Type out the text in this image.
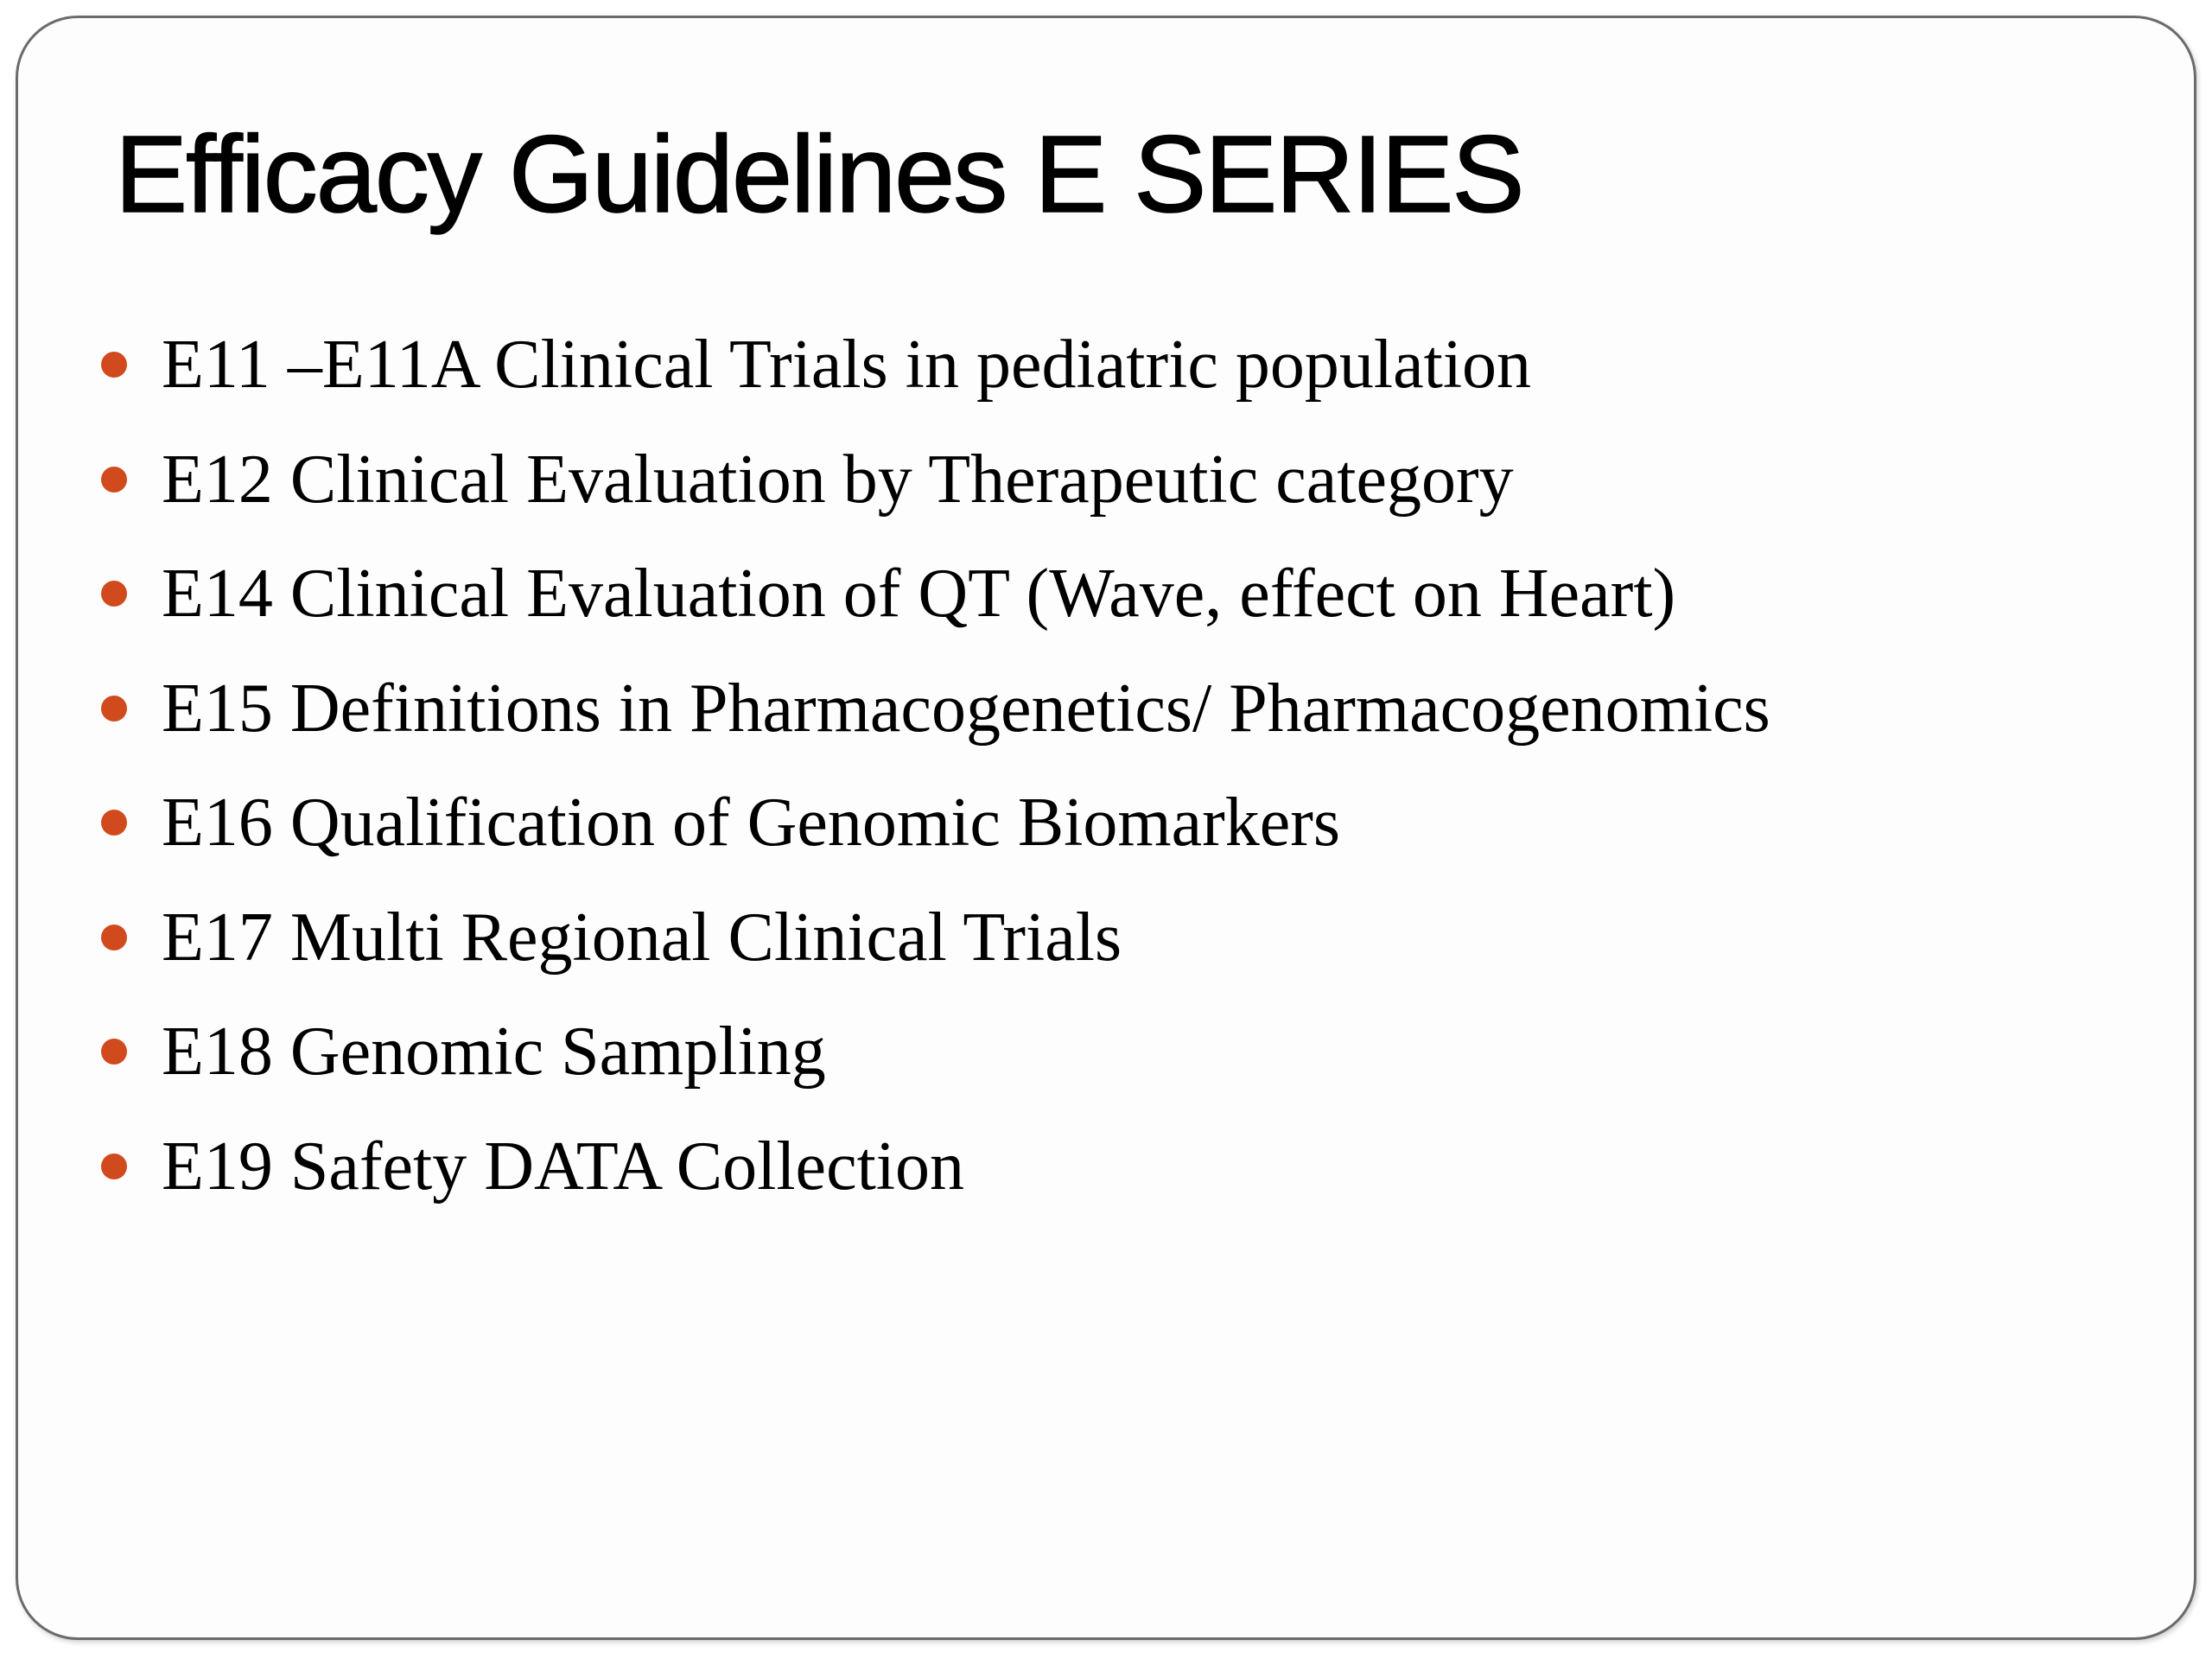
Efficacy Guidelines E SERIES
E11 –E11A Clinical Trials in pediatric population
E12 Clinical Evaluation by Therapeutic category
E14 Clinical Evaluation of QT (Wave, effect on Heart)
E15 Definitions in Pharmacogenetics/ Pharmacogenomics
E16 Qualification of Genomic Biomarkers
E17 Multi Regional Clinical Trials
E18 Genomic Sampling
E19 Safety DATA Collection
